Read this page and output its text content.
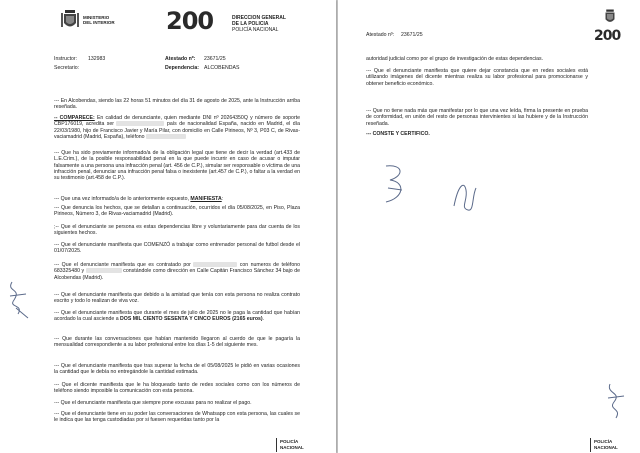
MINISTERIO

DEL INTERIOR 200	DIRECCION GENERAL

DE LA POLICIA

POLICÍA NACIONAL

Instructor: 132983

Secretario:

Atestado nº: 23671/25

Dependencia: ALCOBENDAS

--- En Alcobendas, siendo las 22 horas 51 minutos del día 31 de agosto de 2025, ante la Instrucción arriba reseñada.

-- COMPARECE: En calidad de denunciante, quien mediante DNI nº 20264350Q y número de soporte CBP176019, acredita ser	país de nacionalidad España, nacido en Madrid, el día 22/03/1980, hijo de Francisco Javier y María Pilar, con domicilio en Calle Pirineos, Nº 3, P03 C, de Rivas-vaciamadrid (Madrid, España), teléfono

--- Que ha sido previamente informado/a de la obligación legal que tiene de decir la verdad (art.433 de L.E.Crim.), de la posible responsabilidad penal en la que puede incurrir en caso de acusar o imputar falsamente a una persona una infracción penal (art. 456 de C.P.), simular ser responsable o víctima de una infracción penal, denunciar una infracción penal falsa o inexistente (art.457 de C.P.), o faltar a la verdad en su testimonio (art.458 de C.P.).

--- Que una vez informado/a de lo anteriormente expuesto, MANIFIESTA:

--- Que denuncia los hechos, que se detallan a continuación, ocurridos el día 05/08/2025, en Piso, Plaza Pirineos, Número 3, de Rivas-vaciamadrid (Madrid).

;-- Que el denunciante se persona es estas dependencias libre y voluntariamente para dar cuenta de los siguientes hechos.

--- Que el denunciante manifiesta que COMENZÓ a trabajar como entrenador personal de futbol desde el 01/07/2025.

--- Que el denunciante manifiesta que es contratado por	con numeros de teléfono 683325480 y	constándole como dirección en Calle Capitán Francisco Sánchez 34 bajo de Alcobendas (Madrid).

--- Que el denunciante manifiesta que debido a la amistad que tenía con esta persona no realiza contrato escrito y todo lo realizan de viva voz.

--- Que el denunciante manifiesta que durante el mes de julio de 2025 no le paga la cantidad que habían acordado la cual asciende a DOS MIL CIENTO SESENTA Y CINCO EUROS (2165 euros).

--- Que durante las conversaciones que habían mantenido llegaron al cuerdo de que le pagaría la mensualidad correspondiente a su labor profesional entre los días 1-5 del siguiente mes.

--- Que el denunciante manifiesta que tras superar la fecha de el 05/08/2025 le pidió en varias ocasiones la cantidad que le debía no entregándole la cantidad estimada.

--- Que el dicente manifiesta que le ha bloqueado tanto de redes sociales como con los números de teléfono siendo imposible la comunicación con esta persona.

--- Que el denunciante manifiesta que siempre pone excusas para no realizar el pago.

--- Que el denunciante tiene en su poder las conversaciones de Whatsapp con esta persona, las cuales se le indica que las tenga custodiadas por si fuesen requeridas tanto por la

POLICÍA

NACIONAL

Atestado nº: 23671/25	200

autoridad judicial como por el grupo de investigación de estas dependencias.

--- Que el denunciante manifiesta que quiere dejar constancia que en redes sociales está utilizando imágenes del dicente mientras realiza su labor profesional para promocionarse y obtener beneficio económico.

--- Que no tiene nada más que manifestar por lo que una vez leída, firma la presente en prueba de conformidad, en unión del resto de personas intervinientes si las hubiere y de la Instrucción reseñada.

--- CONSTE Y CERTIFICO.

POLICÍA

NACIONAL
